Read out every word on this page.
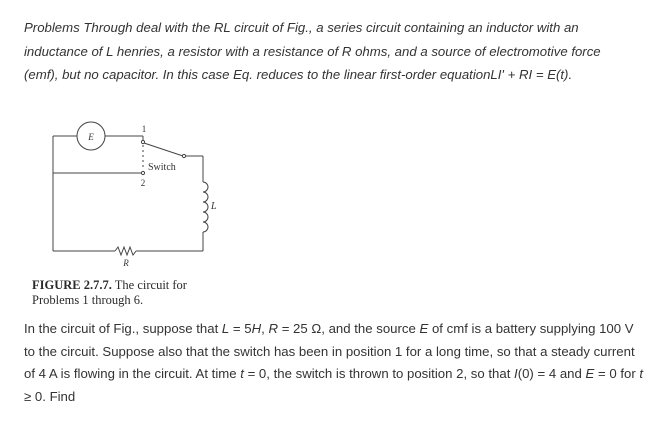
Problems Through deal with the RL circuit of Fig., a series circuit containing an inductor with an inductance of L henries, a resistor with a resistance of R ohms, and a source of electromotive force (emf), but no capacitor. In this case Eq. reduces to the linear first-order equationLI' + RI = E(t).

E
1
Switch
2
L
R
FIGURE 2.7.7. The circuit for
Problems 1 through 6.

In the circuit of Fig., suppose that L = 5H, R = 25 Ω, and the source E of cmf is a battery supplying 100 V to the circuit. Suppose also that the switch has been in position 1 for a long time, so that a steady current of 4 A is flowing in the circuit. At time t = 0, the switch is thrown to position 2, so that I(0) = 4 and E = 0 for t ≥ 0. Find
